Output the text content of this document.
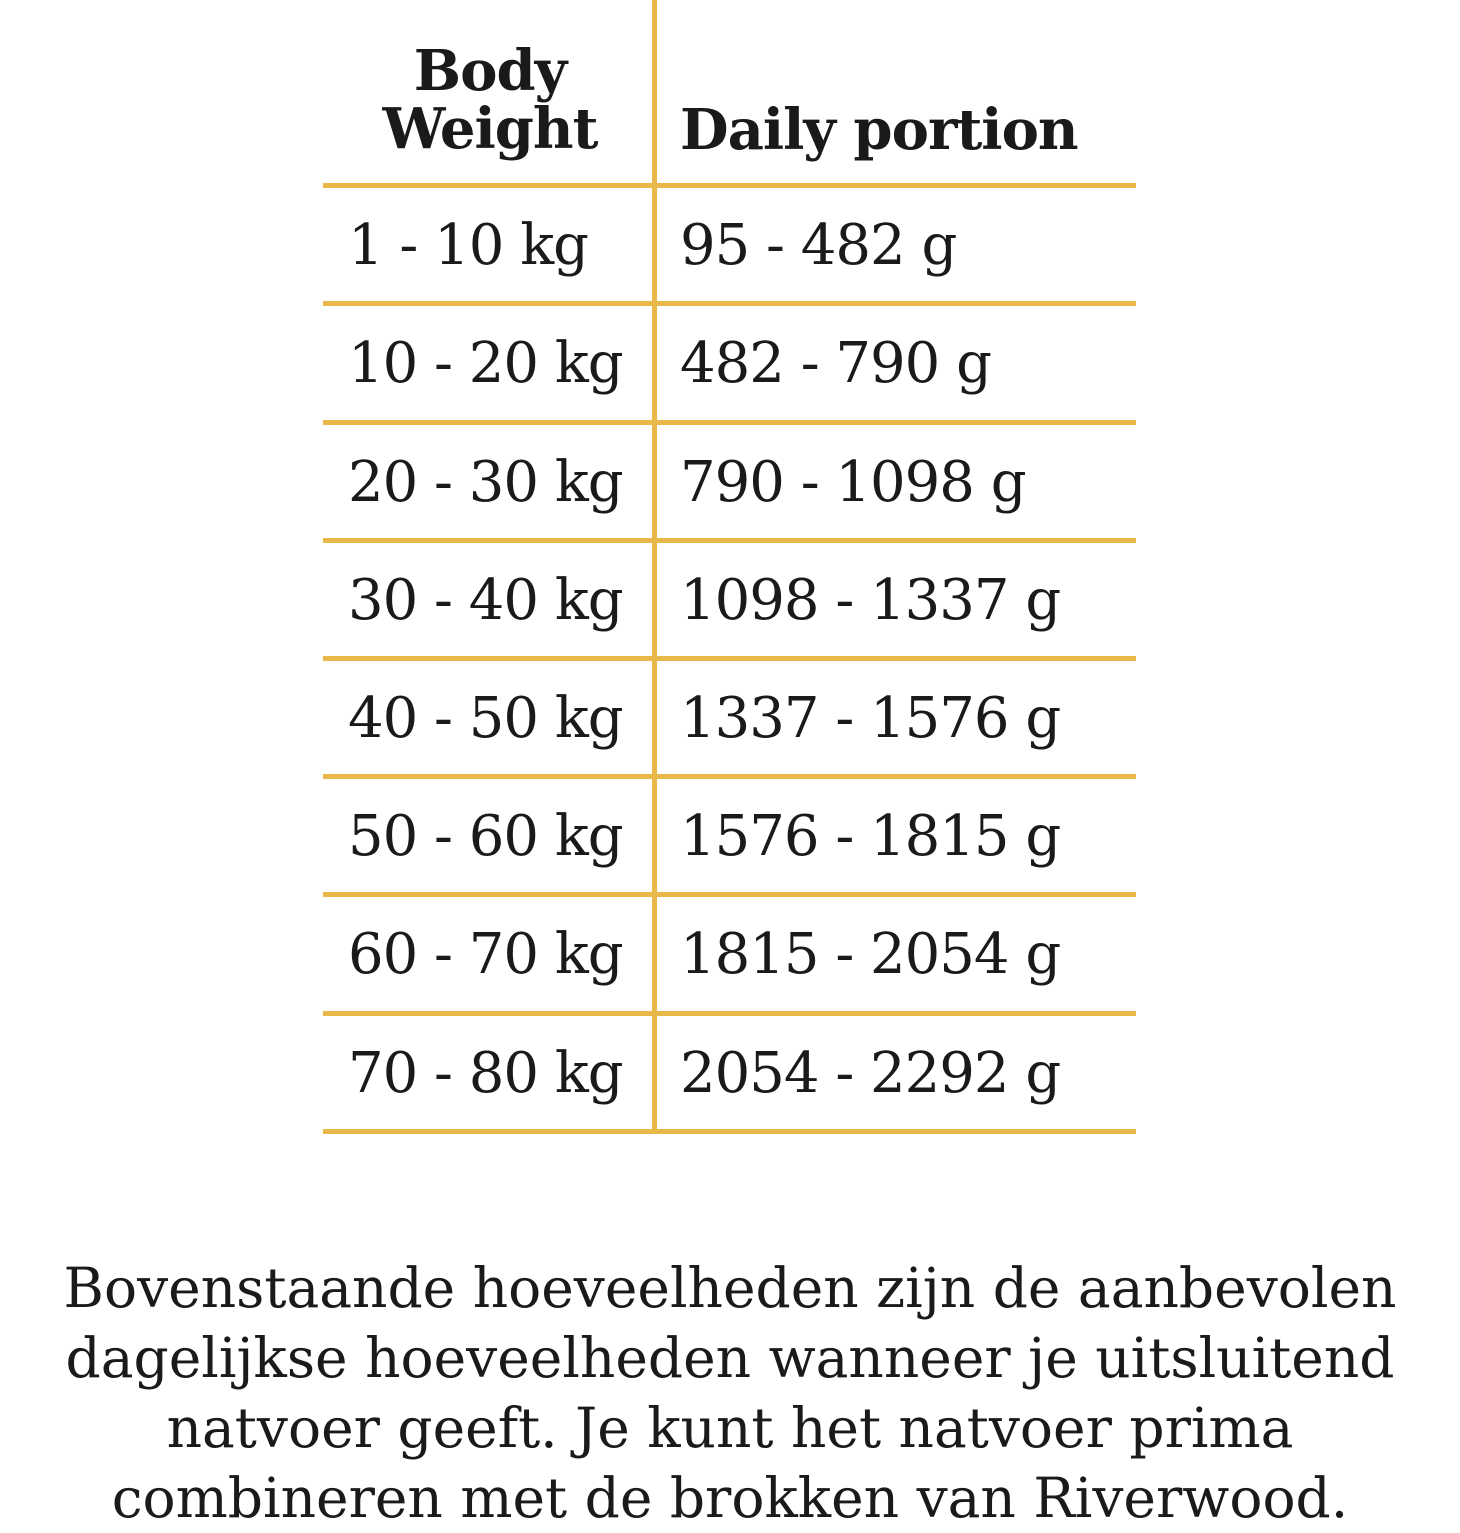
Body
Weight	Daily portion
1 - 10 kg 95 - 482 g
10 - 20 kg 482 - 790 g
20 - 30 kg 790 - 1098 g
30 - 40 kg 1098 - 1337 g
40 - 50 kg 1337 - 1576 g
50 - 60 kg 1576 - 1815 g
60 - 70 kg 1815 - 2054 g
70 - 80 kg 2054 - 2292 g

Bovenstaande hoeveelheden zijn de aanbevolen dagelijkse hoeveelheden wanneer je uitsluitend natvoer geeft. Je kunt het natvoer prima combineren met de brokken van Riverwood.
